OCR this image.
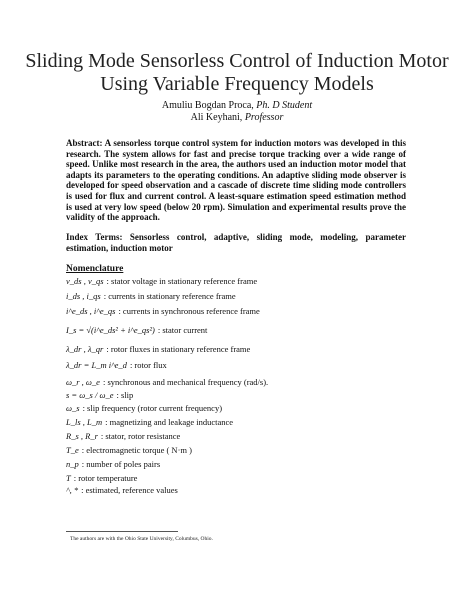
Sliding Mode Sensorless Control of Induction Motor Using Variable Frequency Models
Amuliu Bogdan Proca, Ph. D Student
Ali Keyhani, Professor
Abstract: A sensorless torque control system for induction motors was developed in this research. The system allows for fast and precise torque tracking over a wide range of speed. Unlike most research in the area, the authors used an induction motor model that adapts its parameters to the operating conditions. An adaptive sliding mode observer is developed for speed observation and a cascade of discrete time sliding mode controllers is used for flux and current control. A least-square estimation speed estimation method is used at very low speed (below 20 rpm). Simulation and experimental results prove the validity of the approach.
Index Terms: Sensorless control, adaptive, sliding mode, modeling, parameter estimation, induction motor
Nomenclature
v_ds , v_qs : stator voltage in stationary reference frame
i_ds , i_qs : currents in stationary reference frame
i^e_ds , i^e_qs : currents in synchronous reference frame
I_s = √(i^e_ds² + i^e_qs²) : stator current
λ_dr , λ_qr : rotor fluxes in stationary reference frame
λ_dr = L_m i^e_d : rotor flux
ω_r , ω_e : synchronous and mechanical frequency (rad/s).
s = ω_s / ω_e : slip
ω_s : slip frequency (rotor current frequency)
L_ls , L_m : magnetizing and leakage inductance
R_s , R_r : stator, rotor resistance
T_e : electromagnetic torque ( N·m )
n_p : number of poles pairs
T : rotor temperature
^, * : estimated, reference values
The authors are with the Ohio State University, Columbus, Ohio.
